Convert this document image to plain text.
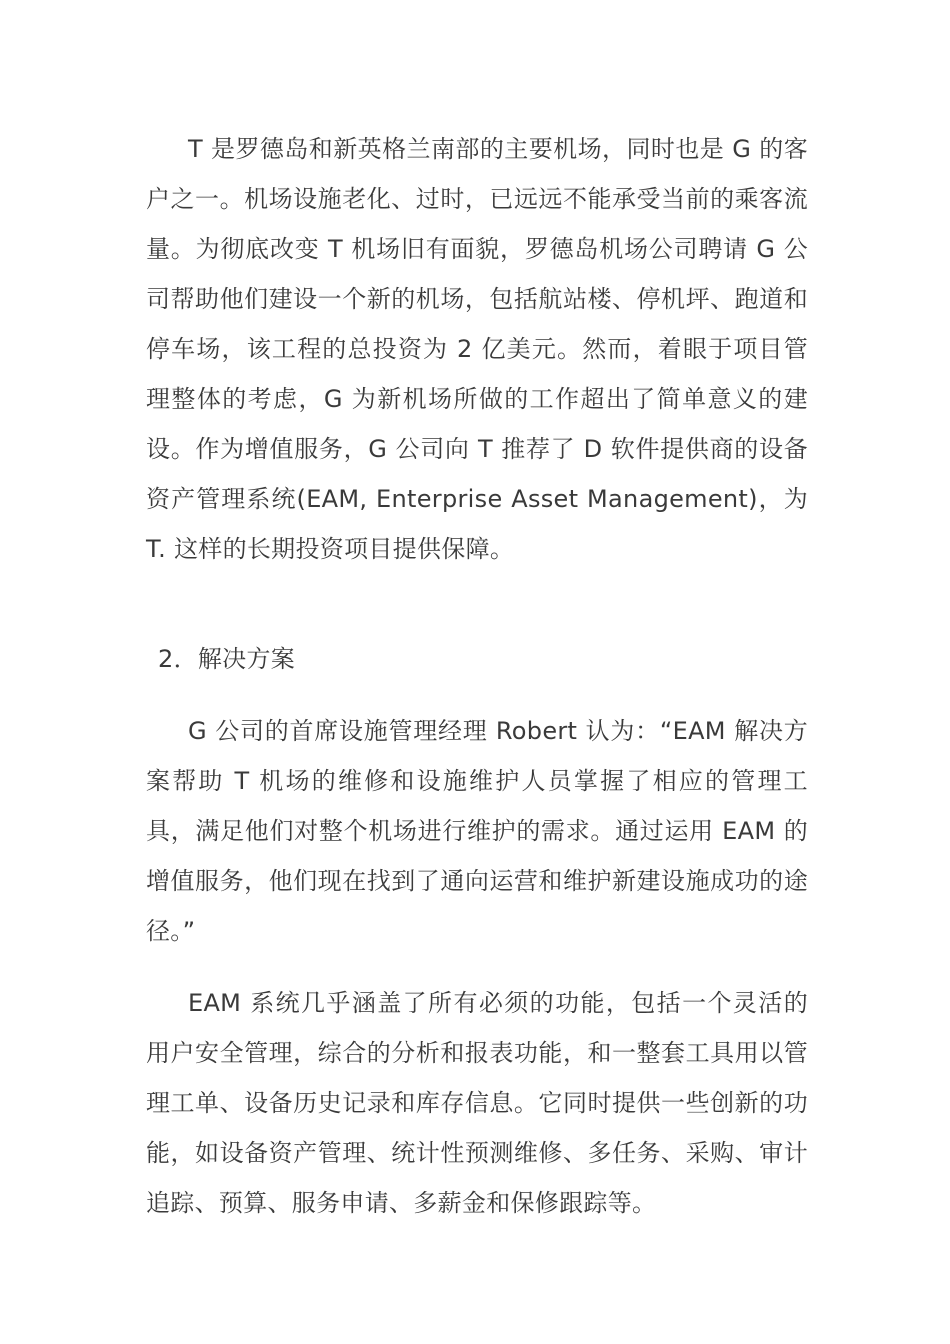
T 是罗德岛和新英格兰南部的主要机场，同时也是 G 的客户之一。机场设施老化、过时，已远远不能承受当前的乘客流量。为彻底改变 T 机场旧有面貌，罗德岛机场公司聘请 G 公司帮助他们建设一个新的机场，包括航站楼、停机坪、跑道和停车场，该工程的总投资为 2 亿美元。然而，着眼于项目管理整体的考虑，G 为新机场所做的工作超出了简单意义的建设。作为增值服务，G 公司向 T 推荐了 D 软件提供商的设备资产管理系统(EAM, Enterprise Asset Management)，为 T. 这样的长期投资项目提供保障。

2．解决方案

G 公司的首席设施管理经理 Robert 认为：“EAM 解决方案帮助 T 机场的维修和设施维护人员掌握了相应的管理工具，满足他们对整个机场进行维护的需求。通过运用 EAM 的增值服务，他们现在找到了通向运营和维护新建设施成功的途径。”

EAM 系统几乎涵盖了所有必须的功能，包括一个灵活的用户安全管理，综合的分析和报表功能，和一整套工具用以管理工单、设备历史记录和库存信息。它同时提供一些创新的功能，如设备资产管理、统计性预测维修、多任务、采购、审计追踪、预算、服务申请、多薪金和保修跟踪等。
